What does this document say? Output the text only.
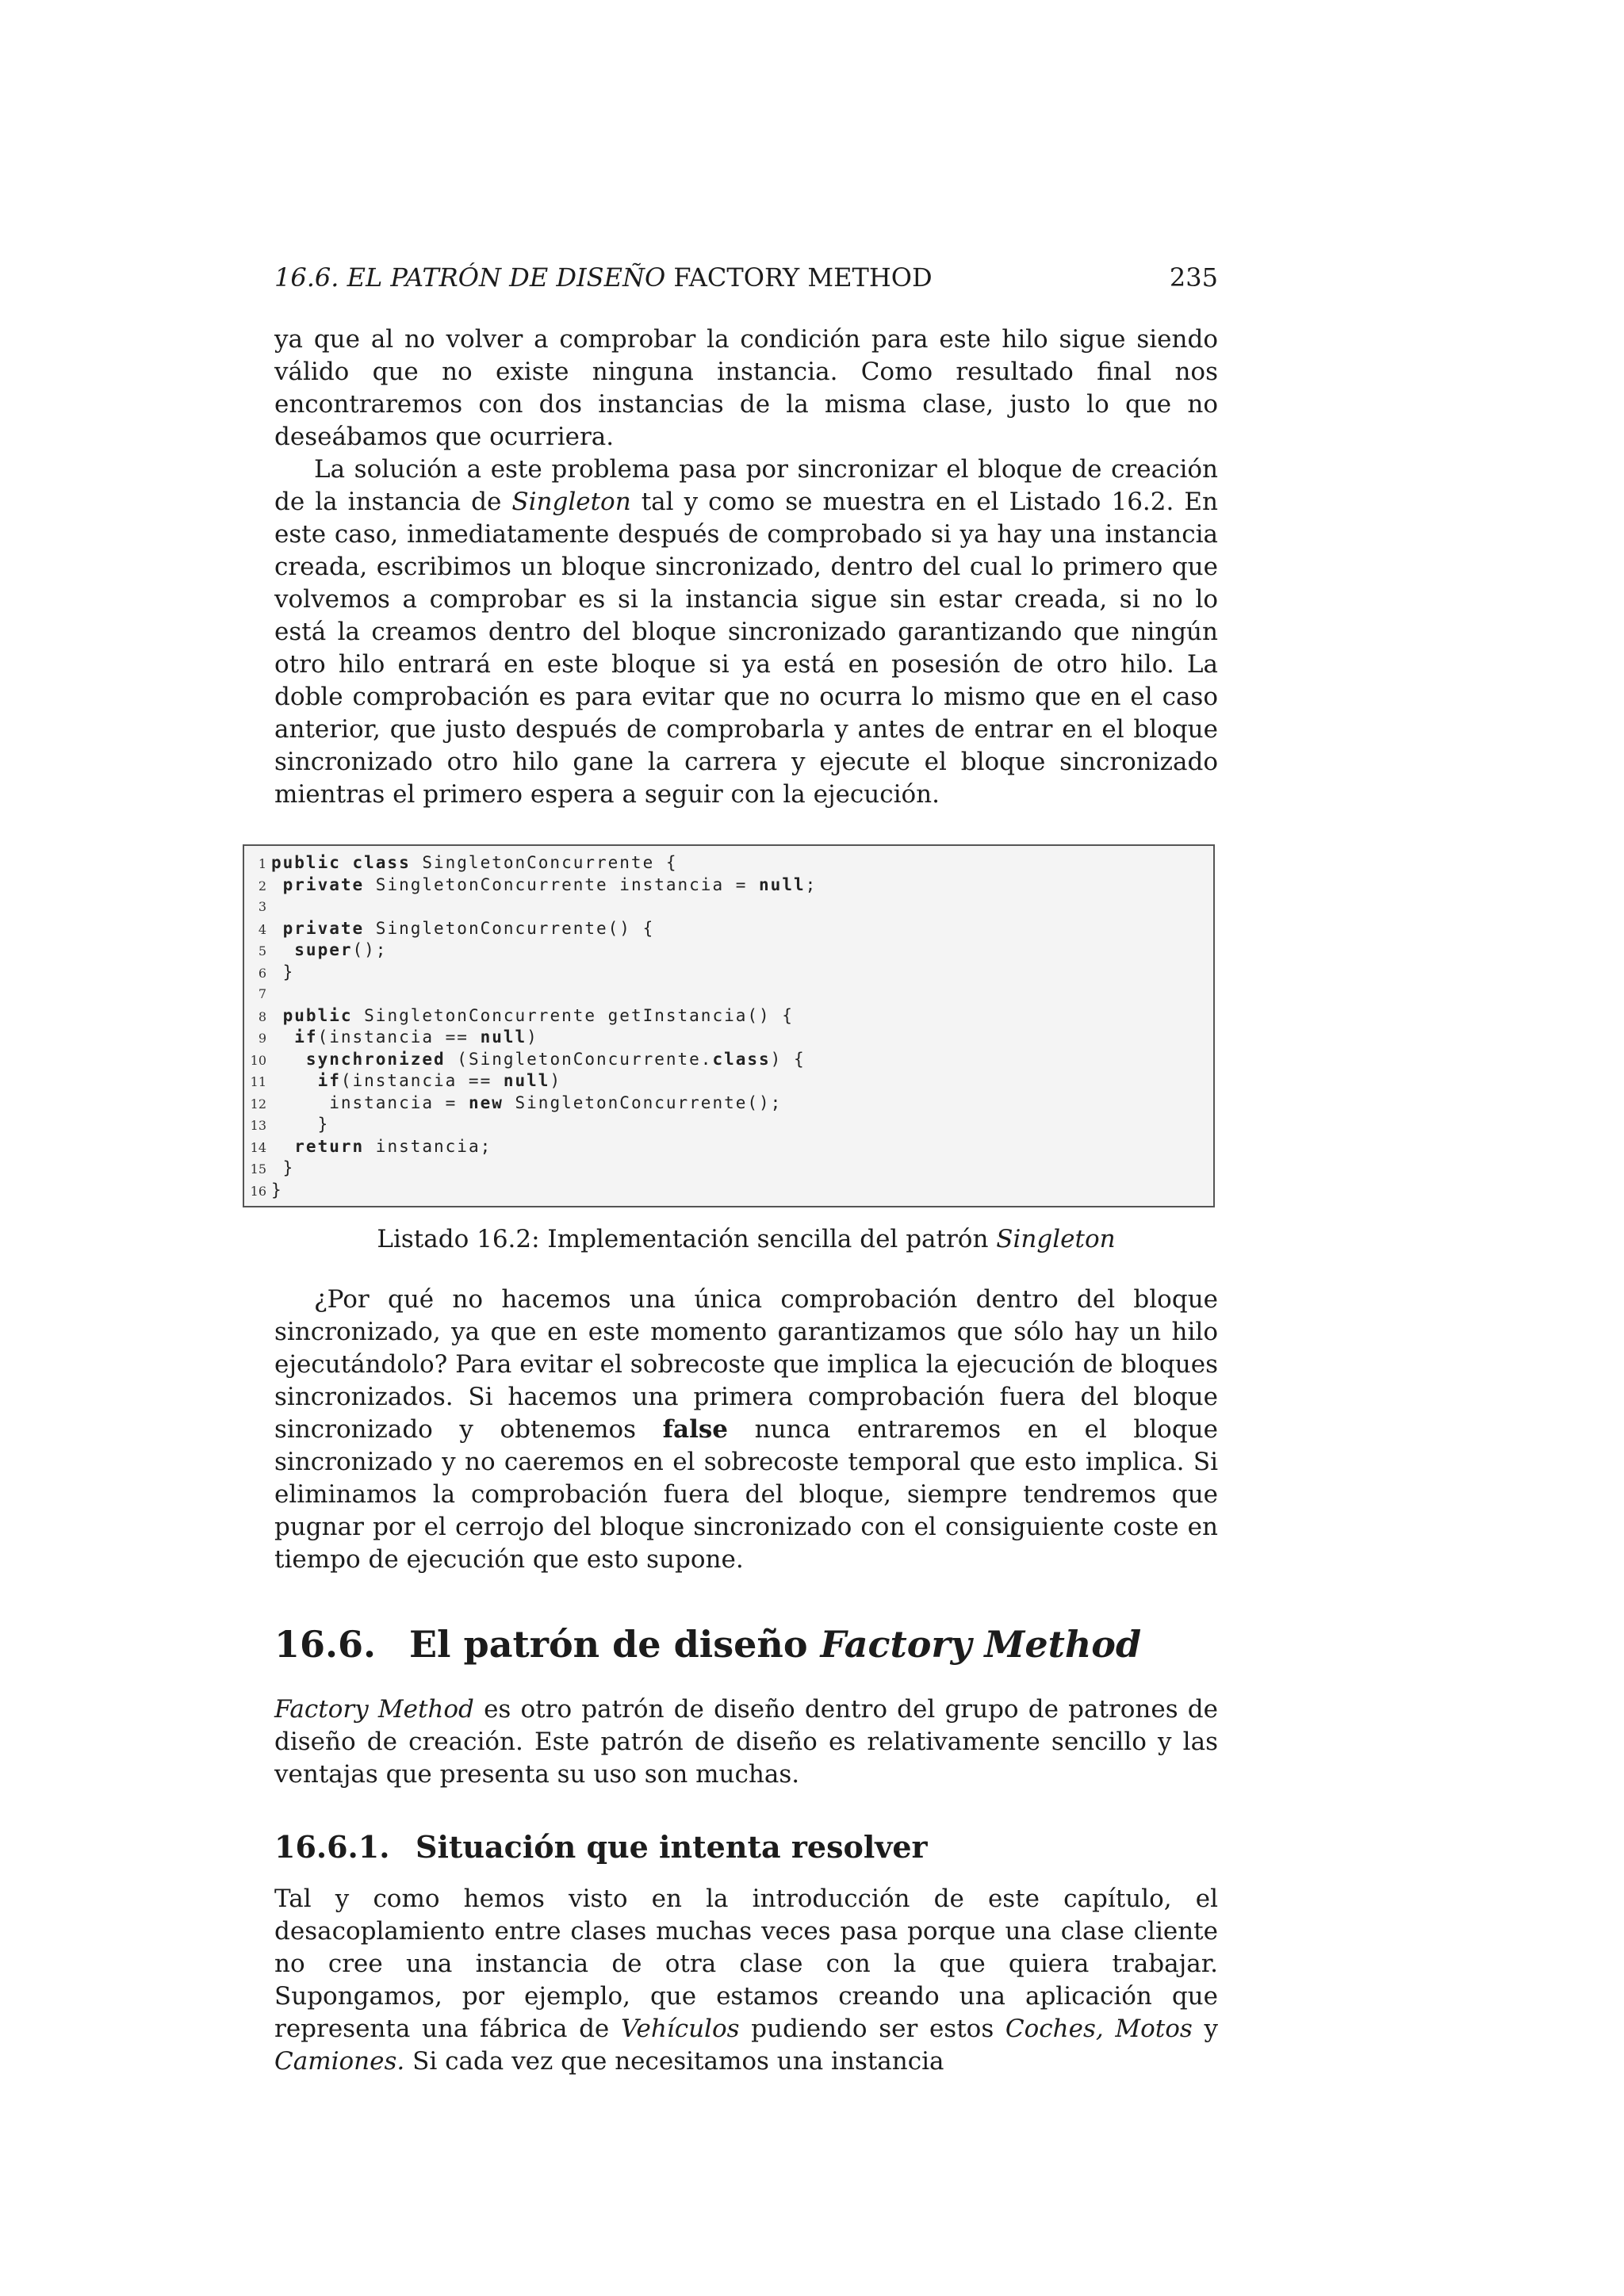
16.6. EL PATRÓN DE DISEÑO FACTORY METHOD	235

ya que al no volver a comprobar la condición para este hilo sigue siendo válido que no existe ninguna instancia. Como resultado final nos encontraremos con dos instancias de la misma clase, justo lo que no deseábamos que ocurriera.

La solución a este problema pasa por sincronizar el bloque de creación de la instancia de Singleton tal y como se muestra en el Listado 16.2. En este caso, inmediatamente después de comprobado si ya hay una instancia creada, escribimos un bloque sincronizado, dentro del cual lo primero que volvemos a comprobar es si la instancia sigue sin estar creada, si no lo está la creamos dentro del bloque sincronizado garantizando que ningún otro hilo entrará en este bloque si ya está en posesión de otro hilo. La doble comprobación es para evitar que no ocurra lo mismo que en el caso anterior, que justo después de comprobarla y antes de entrar en el bloque sincronizado otro hilo gane la carrera y ejecute el bloque sincronizado mientras el primero espera a seguir con la ejecución.

1 public class SingletonConcurrente {
2 private SingletonConcurrente instancia = null;
3
4 private SingletonConcurrente() {
5 super();
6 }
7
8 public SingletonConcurrente getInstancia() {
9 if(instancia == null)
10 synchronized (SingletonConcurrente.class) {
11 if(instancia == null)
12 instancia = new SingletonConcurrente();
13 }
14 return instancia;
15 }
16 }
Listado 16.2: Implementación sencilla del patrón Singleton

¿Por qué no hacemos una única comprobación dentro del bloque sincronizado, ya que en este momento garantizamos que sólo hay un hilo ejecutándolo? Para evitar el sobrecoste que implica la ejecución de bloques sincronizados. Si hacemos una primera comprobación fuera del bloque sincronizado y obtenemos false nunca entraremos en el bloque sincronizado y no caeremos en el sobrecoste temporal que esto implica. Si eliminamos la comprobación fuera del bloque, siempre tendremos que pugnar por el cerrojo del bloque sincronizado con el consiguiente coste en tiempo de ejecución que esto supone.

16.6. El patrón de diseño Factory Method

Factory Method es otro patrón de diseño dentro del grupo de patrones de diseño de creación. Este patrón de diseño es relativamente sencillo y las ventajas que presenta su uso son muchas.

16.6.1. Situación que intenta resolver

Tal y como hemos visto en la introducción de este capítulo, el desacoplamiento entre clases muchas veces pasa porque una clase cliente no cree una instancia de otra clase con la que quiera trabajar. Supongamos, por ejemplo, que estamos creando una aplicación que representa una fábrica de Vehículos pudiendo ser estos Coches, Motos y Camiones. Si cada vez que necesitamos una instancia
